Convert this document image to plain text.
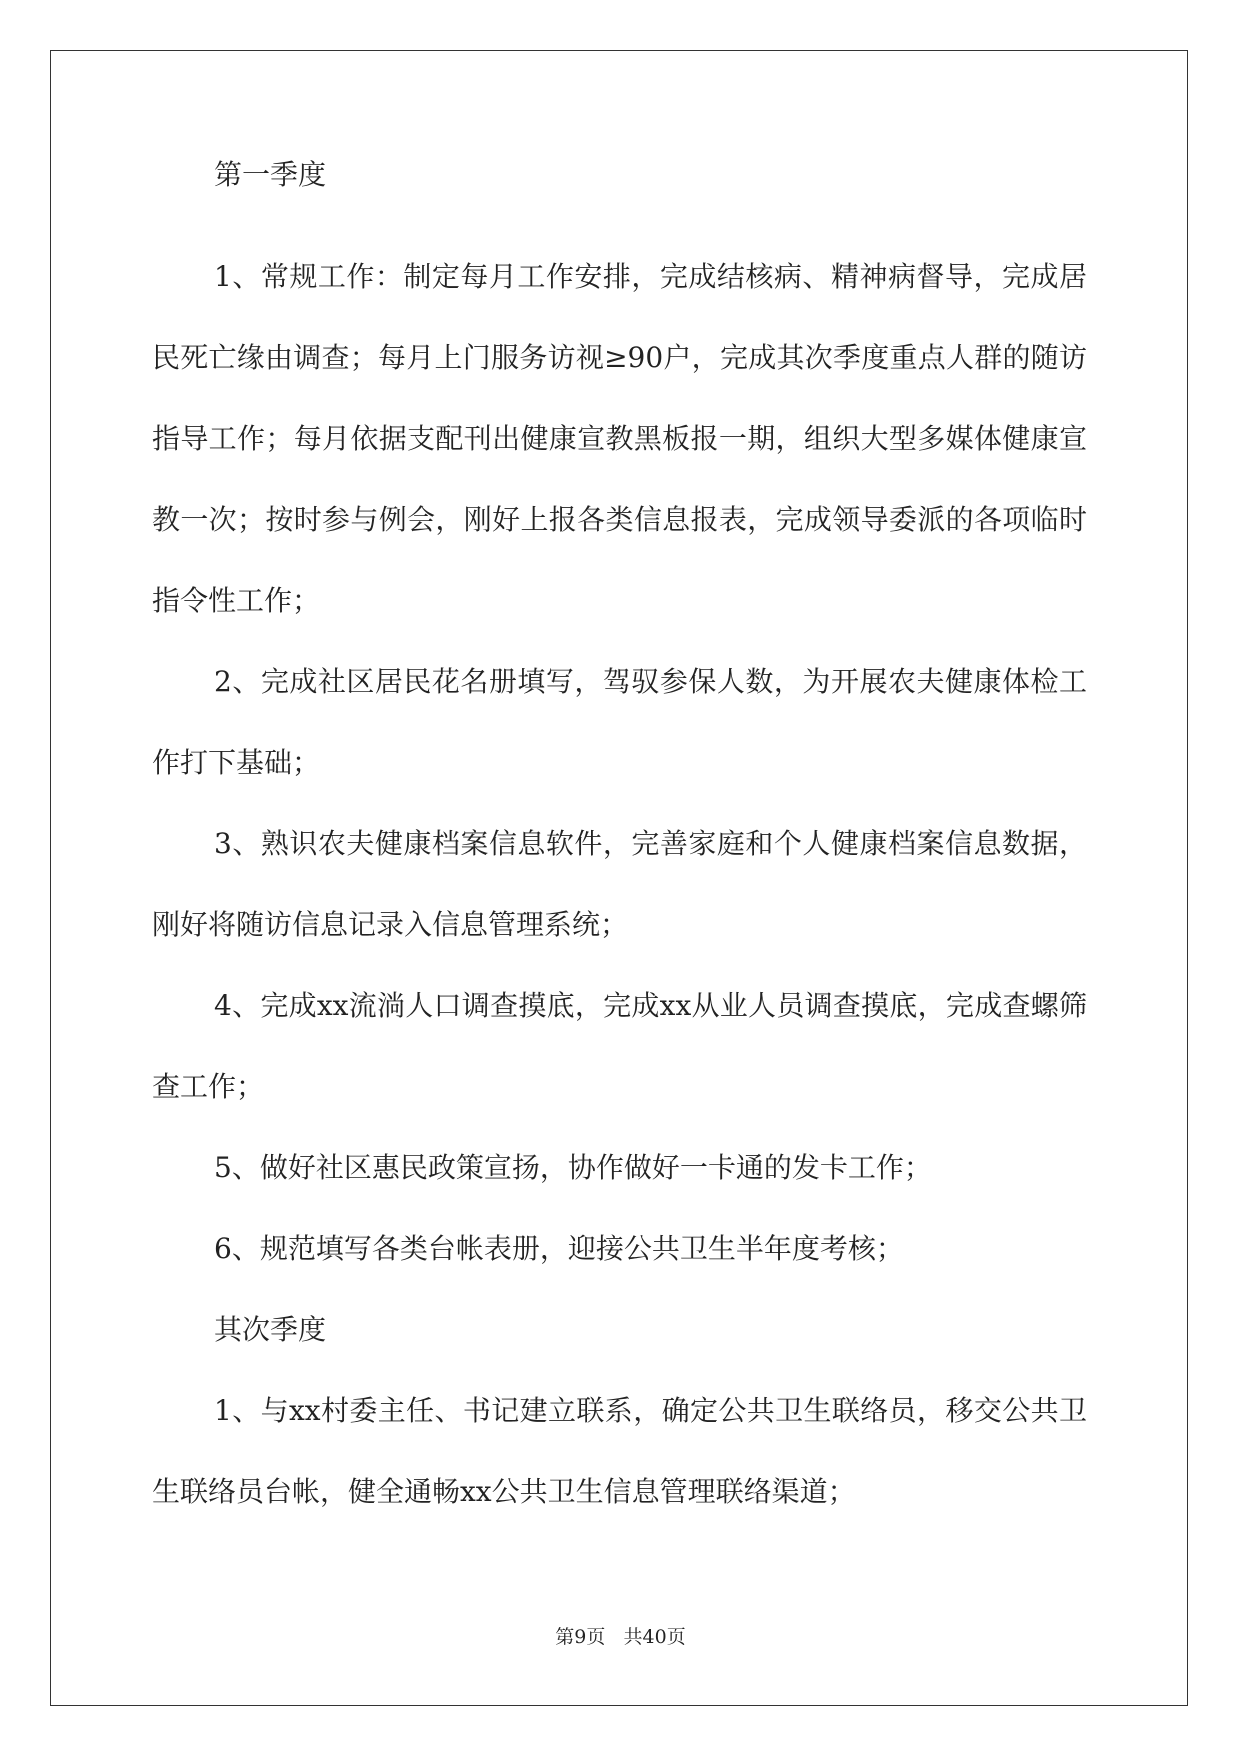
第一季度

1、常规工作：制定每月工作安排，完成结核病、精神病督导，完成居民死亡缘由调查；每月上门服务访视≥90户，完成其次季度重点人群的随访指导工作；每月依据支配刊出健康宣教黑板报一期，组织大型多媒体健康宣教一次；按时参与例会，刚好上报各类信息报表，完成领导委派的各项临时指令性工作；

2、完成社区居民花名册填写，驾驭参保人数，为开展农夫健康体检工作打下基础；

3、熟识农夫健康档案信息软件，完善家庭和个人健康档案信息数据，刚好将随访信息记录入信息管理系统；

4、完成xx流淌人口调查摸底，完成xx从业人员调查摸底，完成查螺筛查工作；

5、做好社区惠民政策宣扬，协作做好一卡通的发卡工作；

6、规范填写各类台帐表册，迎接公共卫生半年度考核；

其次季度

1、与xx村委主任、书记建立联系，确定公共卫生联络员，移交公共卫生联络员台帐，健全通畅xx公共卫生信息管理联络渠道；

第9页 共40页
